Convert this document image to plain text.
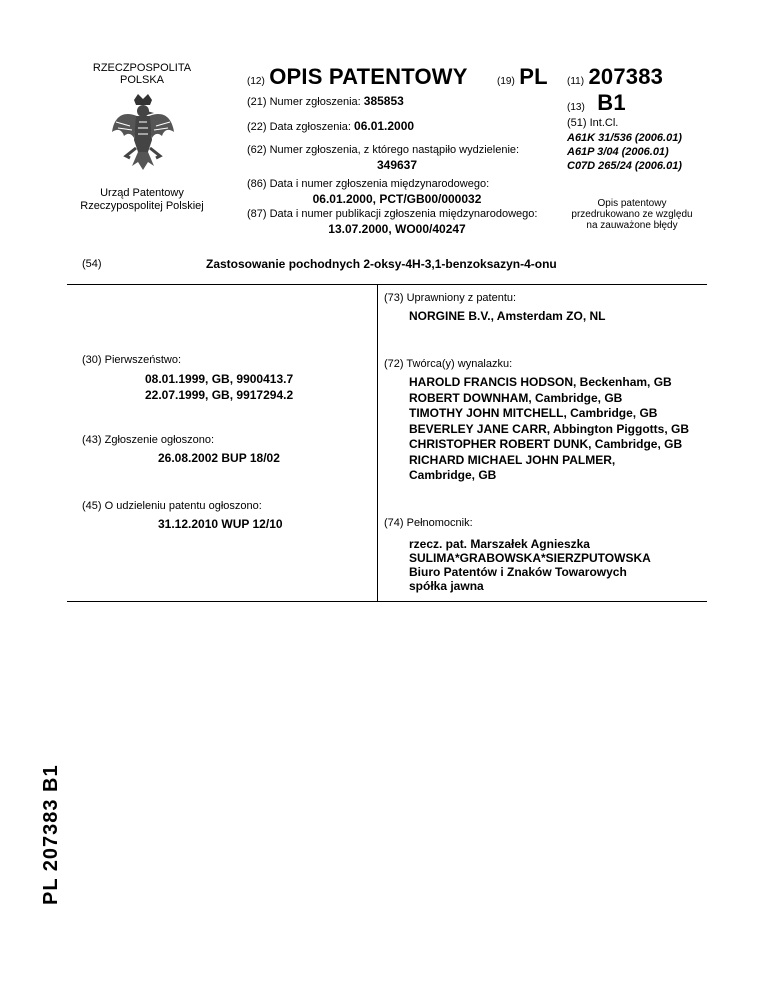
RZECZPOSPOLITA
POLSKA
Urząd Patentowy
Rzeczypospolitej Polskiej
(12) OPIS PATENTOWY	(19) PL (11) 207383
(13) B1
(21) Numer zgłoszenia: 385853
(22) Data zgłoszenia: 06.01.2000
(62) Numer zgłoszenia, z którego nastąpiło wydzielenie:
349637
(86) Data i numer zgłoszenia międzynarodowego:
06.01.2000, PCT/GB00/000032
(87) Data i numer publikacji zgłoszenia międzynarodowego:
13.07.2000, WO00/40247
(51) Int.Cl.
A61K 31/536 (2006.01)
A61P 3/04 (2006.01)
C07D 265/24 (2006.01)
Opis patentowy
przedrukowano ze względu
na zauważone błędy
(54)	Zastosowanie pochodnych 2-oksy-4H-3,1-benzoksazyn-4-onu
(30) Pierwszeństwo:
08.01.1999, GB, 9900413.7
22.07.1999, GB, 9917294.2
(43) Zgłoszenie ogłoszono:
26.08.2002 BUP 18/02
(45) O udzieleniu patentu ogłoszono:
31.12.2010 WUP 12/10
(73) Uprawniony z patentu:
NORGINE B.V., Amsterdam ZO, NL
(72) Twórca(y) wynalazku:
HAROLD FRANCIS HODSON, Beckenham, GB
ROBERT DOWNHAM, Cambridge, GB
TIMOTHY JOHN MITCHELL, Cambridge, GB
BEVERLEY JANE CARR, Abbington Piggotts, GB
CHRISTOPHER ROBERT DUNK, Cambridge, GB
RICHARD MICHAEL JOHN PALMER,
Cambridge, GB
(74) Pełnomocnik:
rzecz. pat. Marszałek Agnieszka
SULIMA*GRABOWSKA*SIERZPUTOWSKA
Biuro Patentów i Znaków Towarowych
spółka jawna
PL 207383 B1
